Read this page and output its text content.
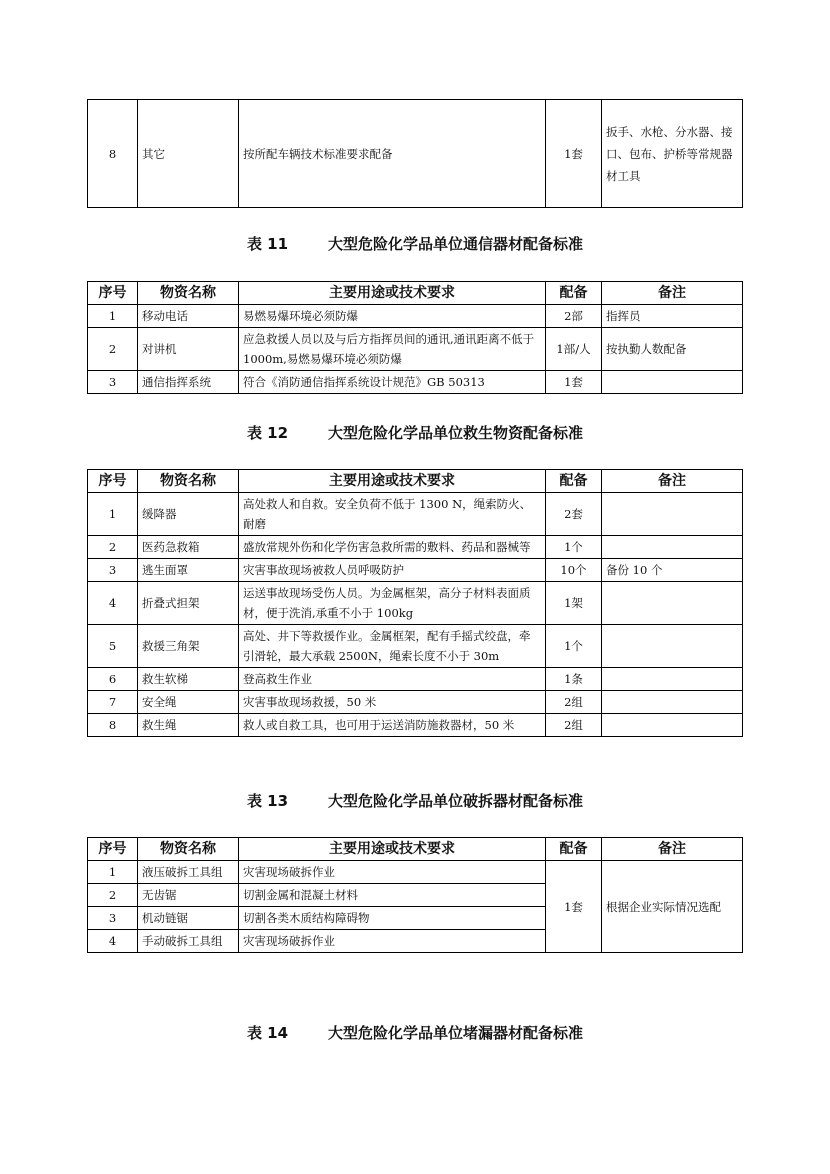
8	其它	按所配车辆技术标准要求配备	1套	扳手、水枪、分水器、接口、包布、护桥等常规器材工具
表 11	大型危险化学品单位通信器材配备标准
序号	物资名称	主要用途或技术要求	配备	备注
1	移动电话	易燃易爆环境必须防爆	2部	指挥员
2	对讲机	应急救援人员以及与后方指挥员间的通讯,通讯距离不低于 1000m,易燃易爆环境必须防爆	1部/人	按执勤人数配备
3	通信指挥系统	符合《消防通信指挥系统设计规范》GB 50313	1套	
表 12	大型危险化学品单位救生物资配备标准
序号	物资名称	主要用途或技术要求	配备	备注
1	缓降器	高处救人和自救。安全负荷不低于 1300 N，绳索防火、耐磨	2套	
2	医药急救箱	盛放常规外伤和化学伤害急救所需的敷料、药品和器械等	1个	
3	逃生面罩	灾害事故现场被救人员呼吸防护	10个	备份 10 个
4	折叠式担架	运送事故现场受伤人员。为金属框架，高分子材料表面质材，便于洗消,承重不小于 100kg	1架	
5	救援三角架	高处、井下等救援作业。金属框架，配有手摇式绞盘，牵引滑轮，最大承载 2500N，绳索长度不小于 30m	1个	
6	救生软梯	登高救生作业	1条	
7	安全绳	灾害事故现场救援，50 米	2组	
8	救生绳	救人或自救工具，也可用于运送消防施救器材，50 米	2组	
表 13	大型危险化学品单位破拆器材配备标准
序号	物资名称	主要用途或技术要求	配备	备注
1	液压破拆工具组	灾害现场破拆作业	1套	根据企业实际情况选配
2	无齿锯	切割金属和混凝土材料		
3	机动链锯	切割各类木质结构障碍物		
4	手动破拆工具组	灾害现场破拆作业		
表 14	大型危险化学品单位堵漏器材配备标准
